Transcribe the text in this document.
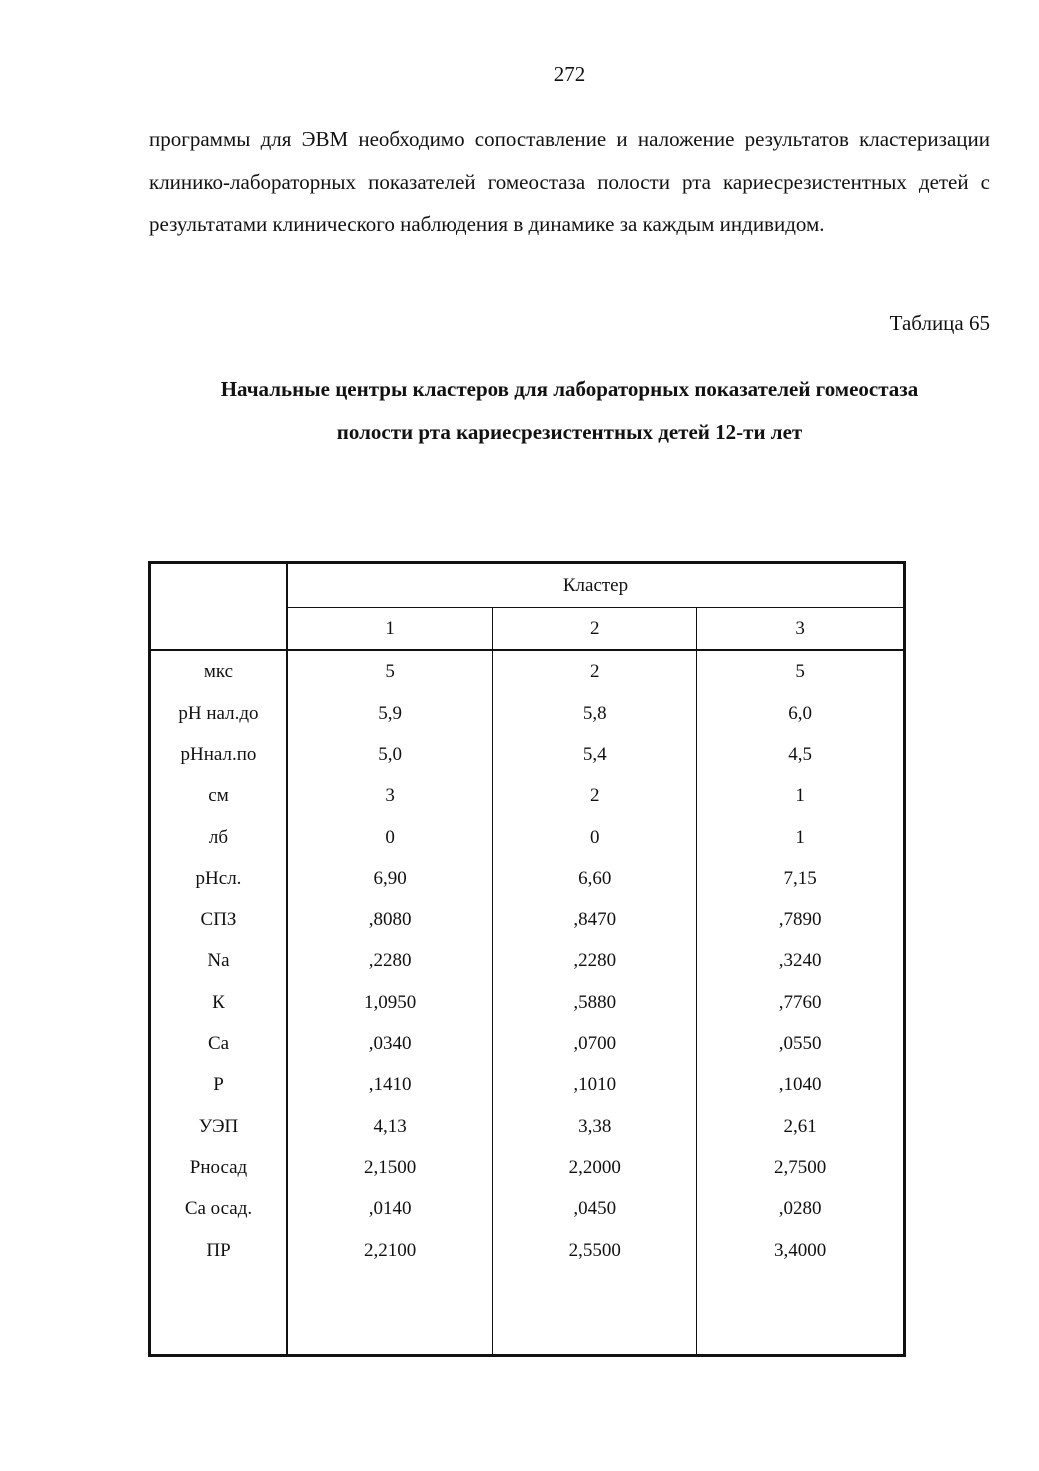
272

программы для ЭВМ необходимо сопоставление и наложение результатов кластеризации клинико-лабораторных показателей гомеостаза полости рта кариесрезистентных детей с результатами клинического наблюдения в динамике за каждым индивидом.

Таблица 65
Начальные центры кластеров для лабораторных показателей гомеостаза
полости рта кариесрезистентных детей 12-ти лет
	Кластер		
	1	2	3
мкс	5	2	5
pH нал.до	5,9	5,8	6,0
pHнал.по	5,0	5,4	4,5
см	3	2	1
лб	0	0	1
pHсл.	6,90	6,60	7,15
СПЗ	,8080	,8470	,7890
Na	,2280	,2280	,3240
К	1,0950	,5880	,7760
Ca	,0340	,0700	,0550
P	,1410	,1010	,1040
УЭП	4,13	3,38	2,61
Рносад	2,1500	2,2000	2,7500
Ca осад.	,0140	,0450	,0280
ПР	2,2100	2,5500	3,4000
